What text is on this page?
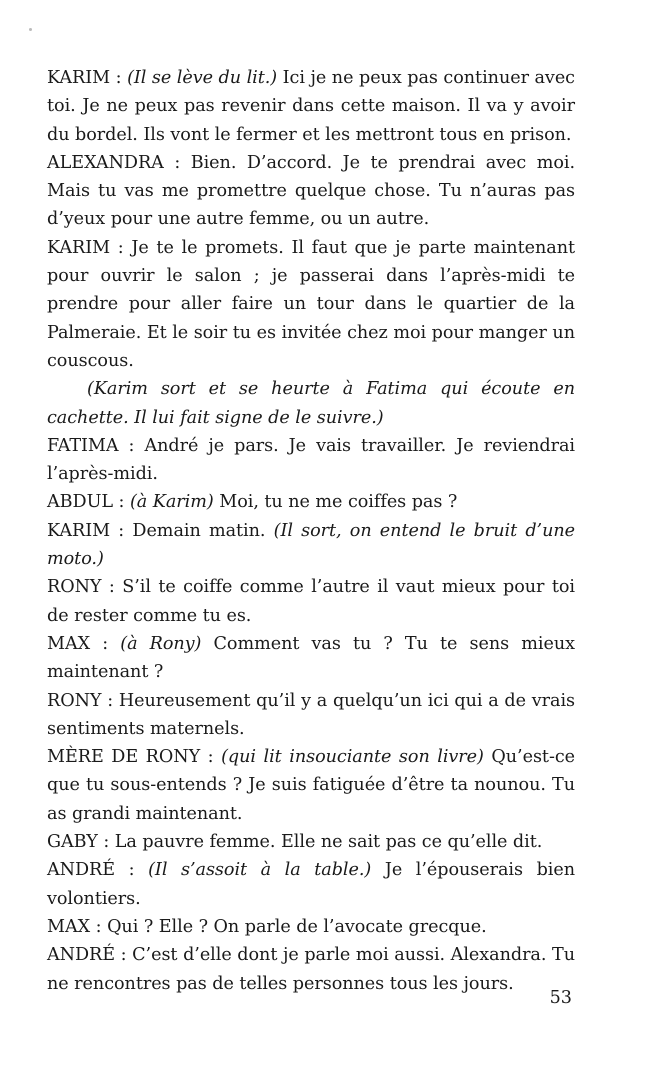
KARIM : (Il se lève du lit.) Ici je ne peux pas continuer avec toi. Je ne peux pas revenir dans cette maison. Il va y avoir du bordel. Ils vont le fermer et les mettront tous en prison.

ALEXANDRA : Bien. D’accord. Je te prendrai avec moi. Mais tu vas me promettre quelque chose. Tu n’auras pas d’yeux pour une autre femme, ou un autre.

KARIM : Je te le promets. Il faut que je parte maintenant pour ouvrir le salon ; je passerai dans l’après-midi te prendre pour aller faire un tour dans le quartier de la Palmeraie. Et le soir tu es invitée chez moi pour manger un couscous.

(Karim sort et se heurte à Fatima qui écoute en cachette. Il lui fait signe de le suivre.)

FATIMA : André je pars. Je vais travailler. Je reviendrai l’après-midi.

ABDUL : (à Karim) Moi, tu ne me coiffes pas ?

KARIM : Demain matin. (Il sort, on entend le bruit d’une moto.)

RONY : S’il te coiffe comme l’autre il vaut mieux pour toi de rester comme tu es.

MAX : (à Rony) Comment vas tu ? Tu te sens mieux maintenant ?

RONY : Heureusement qu’il y a quelqu’un ici qui a de vrais sentiments maternels.

MÈRE DE RONY : (qui lit insouciante son livre) Qu’est-ce que tu sous-entends ? Je suis fatiguée d’être ta nounou. Tu as grandi maintenant.

GABY : La pauvre femme. Elle ne sait pas ce qu’elle dit.

ANDRÉ : (Il s’assoit à la table.) Je l’épouserais bien volontiers.

MAX : Qui ? Elle ? On parle de l’avocate grecque.

ANDRÉ : C’est d’elle dont je parle moi aussi. Alexandra. Tu ne rencontres pas de telles personnes tous les jours.

53
